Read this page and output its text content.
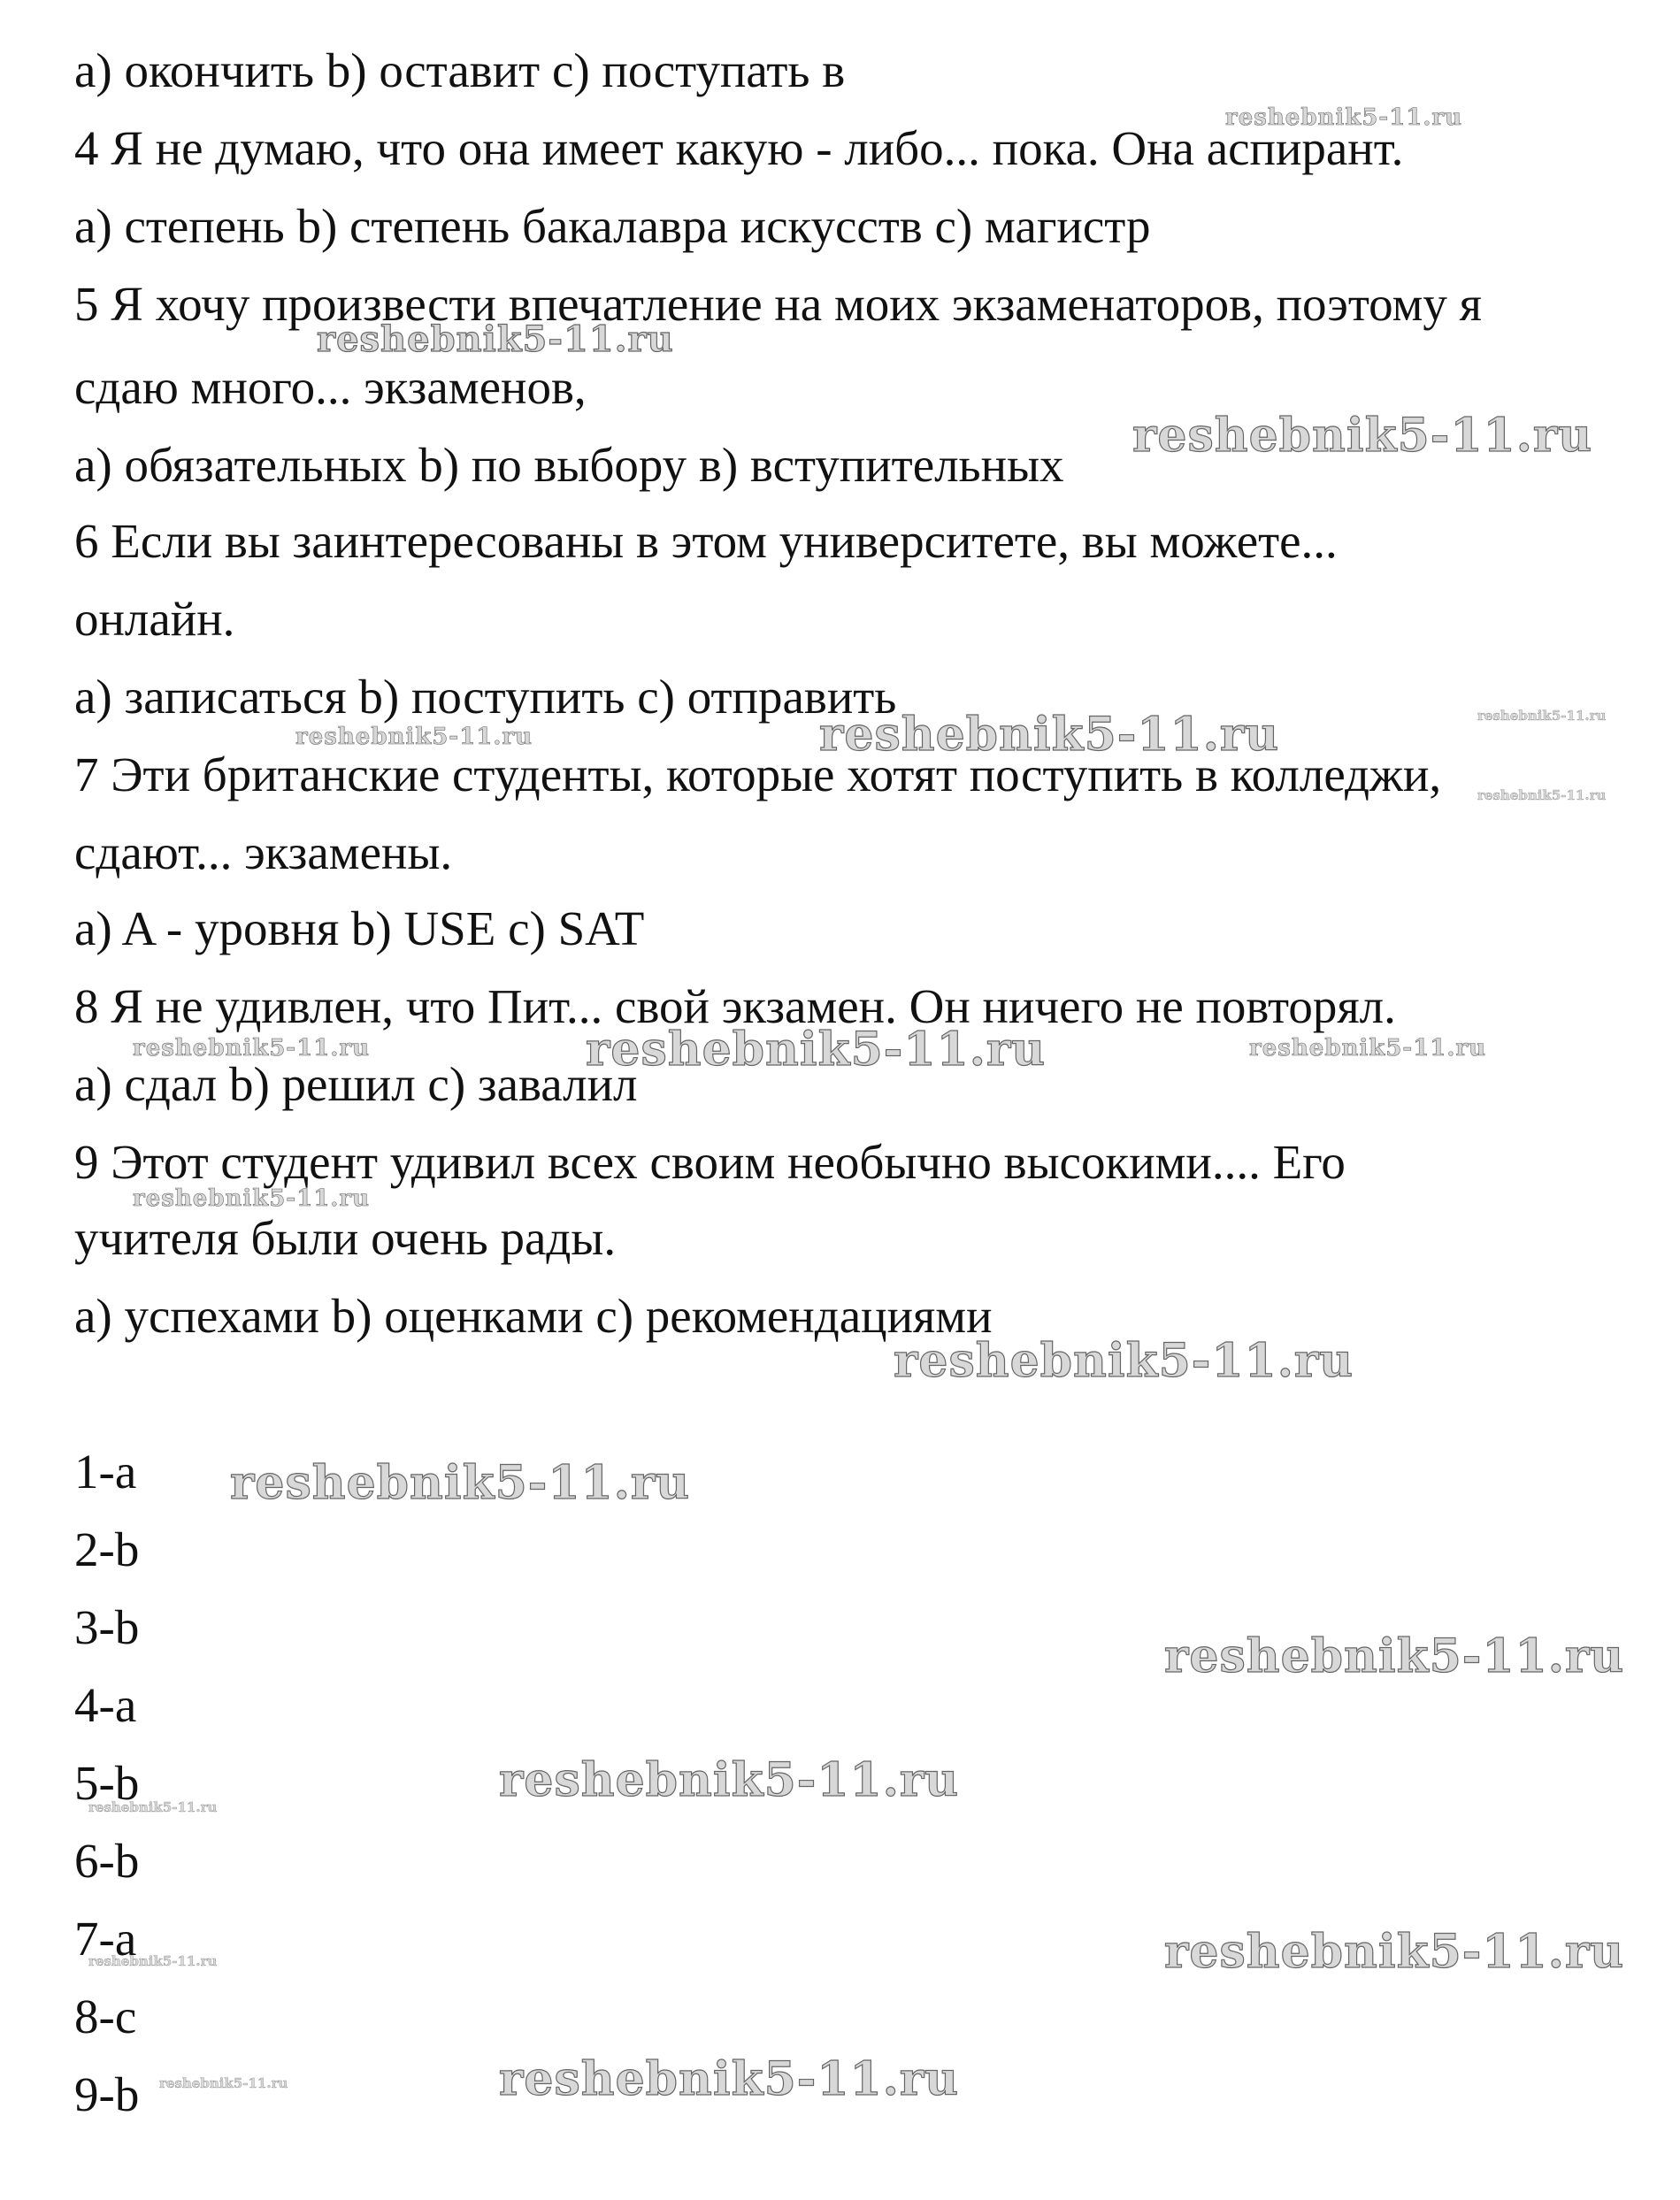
a) окончить b) оставит c) поступать в
4 Я не думаю, что она имеет какую - либо... пока. Она аспирант.
a) степень b) степень бакалавра искусств c) магистр
5 Я хочу произвести впечатление на моих экзаменаторов, поэтому я
сдаю много... экзаменов,
а) обязательных b) по выбору в) вступительных
6 Если вы заинтересованы в этом университете, вы можете...
онлайн.
a) записаться b) поступить c) отправить
7 Эти британские студенты, которые хотят поступить в колледжи,
сдают... экзамены.
a) A - уровня b) USE c) SAT
8 Я не удивлен, что Пит... свой экзамен. Он ничего не повторял.
a) сдал b) решил c) завалил
9 Этот студент удивил всех своим необычно высокими.... Его
учителя были очень рады.
a) успехами b) оценками c) рекомендациями
1-a
2-b
3-b
4-a
5-b
6-b
7-a
8-c
9-b
reshebnik5-11.ru
reshebnik5-11.ru
reshebnik5-11.ru
reshebnik5-11.ru	reshebnik5-11.ru	reshebnik5-11.ru
reshebnik5-11.ru
reshebnik5-11.ru	reshebnik5-11.ru	reshebnik5-11.ru
reshebnik5-11.ru
reshebnik5-11.ru
reshebnik5-11.ru
reshebnik5-11.ru
reshebnik5-11.ru
reshebnik5-11.ru
reshebnik5-11.ru
reshebnik5-11.ru
reshebnik5-11.ru
reshebnik5-11.ru
